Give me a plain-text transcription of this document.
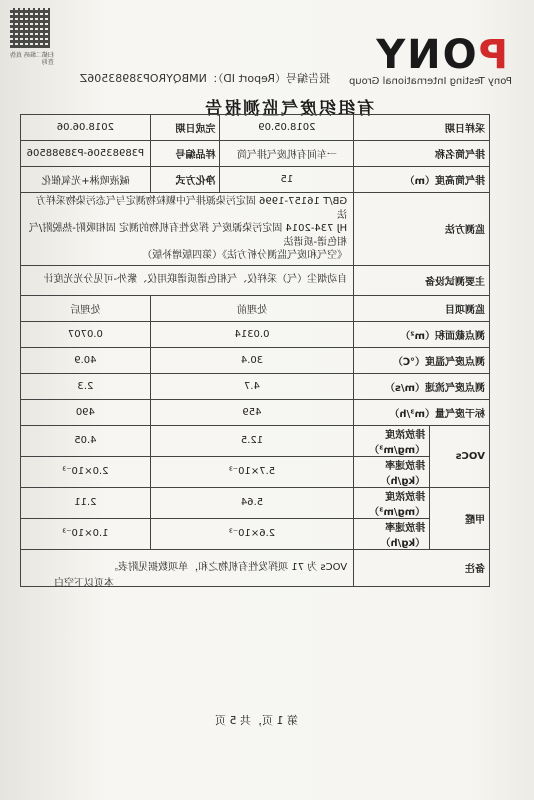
扫描二维码 真伪查询	PONY
Pony Testing International Group
报告编号（Report ID）：NMBQYROP38983506Z
有组织废气监测报告
采样日期		2018.05.09	完成日期	2018.06.06
排气筒名称		一车间有机废气排气筒	样品编号	P38983506-P38988506
排气筒高度（m）		15	净化方式	碱液喷淋+光氧催化
监测方法		GB/T 16157-1996 固定污染源排气中颗粒物测定与气态污染物采样方法
HJ 734-2014 固定污染源废气 挥发性有机物的测定 固相吸附-热脱附/气相色谱-质谱法
《空气和废气监测分析方法》（第四版增补版）		
主要测试设备		自动烟尘（气）采样仪、气相色谱质谱联用仪、紫外-可见分光光度计		
监测项目		处理前		处理后
测点截面积（m²）		0.0314		0.0707
测点废气温度（℃）		30.4		40.9
测点废气流速（m/s）		4.7		2.3
标干废气量（m³/h）		459		490
VOCs	排放浓度（mg/m³）	12.5		4.05
	排放速率（kg/h）	5.7×10⁻³		2.0×10⁻³
甲醛	排放浓度（mg/m³）	5.64		2.11
	排放速率（kg/h）	2.6×10⁻³		1.0×10⁻³
备注		VOCs 为 71 项挥发性有机物之和，单项数据见附表。		
本页以下空白
第 1 页，共 5 页
